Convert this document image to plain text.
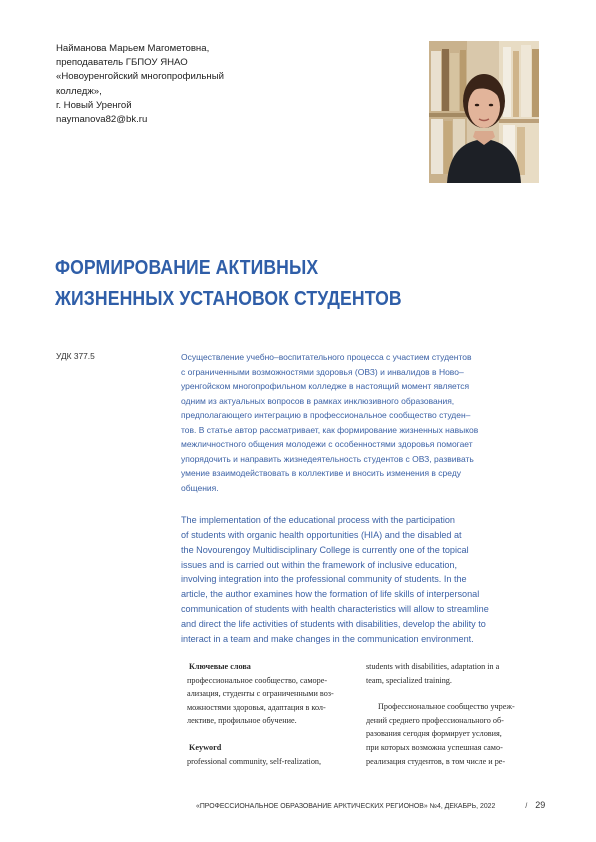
Найманова Марьем Магометовна,
преподаватель ГБПОУ ЯНАО
«Новоуренгойский многопрофильный
колледж»,
г. Новый Уренгой
naymanova82@bk.ru
ФОРМИРОВАНИЕ АКТИВНЫХ
ЖИЗНЕННЫХ УСТАНОВОК СТУДЕНТОВ
УДК 377.5	Осуществление учебно–воспитательного процесса с участием студентов
с ограниченными возможностями здоровья (ОВЗ) и инвалидов в Ново–
уренгойском многопрофильном колледже в настоящий момент является
одним из актуальных вопросов в рамках инклюзивного образования,
предполагающего интеграцию в профессиональное сообщество студен–
тов. В статье автор рассматривает, как формирование жизненных навыков
межличностного общения молодежи с особенностями здоровья помогает
упорядочить и направить жизнедеятельность студентов с ОВЗ, развивать
умение взаимодействовать в коллективе и вносить изменения в среду
общения.
The implementation of the educational process with the participation
of students with organic health opportunities (HIA) and the disabled at
the Novourengoy Multidisciplinary College is currently one of the topical
issues and is carried out within the framework of inclusive education,
involving integration into the professional community of students. In the
article, the author examines how the formation of life skills of interpersonal
communication of students with health characteristics will allow to streamline
and direct the life activities of students with disabilities, develop the ability to
interact in a team and make changes in the communication environment.
Ключевые слова
профессиональное сообщество, саморе-
ализация, студенты с ограниченными воз-
можностями здоровья, адаптация в кол-
лективе, профильное обучение.
Keyword
professional community, self-realization,
students with disabilities, adaptation in a
team, specialized training.
Профессиональное сообщество учреж-
дений среднего профессионального об-
разования сегодня формирует условия,
при которых возможна успешная само-
реализация студентов, в том числе и ре-
«ПРОФЕССИОНАЛЬНОЕ ОБРАЗОВАНИЕ АРКТИЧЕСКИХ РЕГИОНОВ» №4, ДЕКАБРЬ, 2022	/ 29
